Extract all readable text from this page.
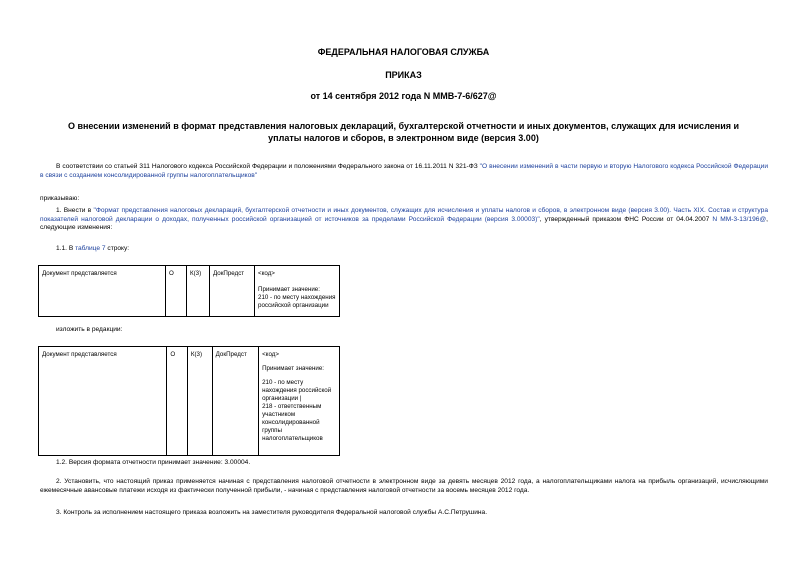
ФЕДЕРАЛЬНАЯ НАЛОГОВАЯ СЛУЖБА
ПРИКАЗ
от 14 сентября 2012 года N ММВ-7-6/627@
О внесении изменений в формат представления налоговых деклараций, бухгалтерской отчетности и иных документов, служащих для исчисления и уплаты налогов и сборов, в электронном виде (версия 3.00)
В соответствии со статьей 311 Налогового кодекса Российской Федерации и положениями Федерального закона от 16.11.2011 N 321-ФЗ "О внесении изменений в части первую и вторую Налогового кодекса Российской Федерации в связи с созданием консолидированной группы налогоплательщиков"
приказываю:
1. Внести в "Формат представления налоговых деклараций, бухгалтерской отчетности и иных документов, служащих для исчисления и уплаты налогов и сборов, в электронном виде (версия 3.00). Часть XIX. Состав и структура показателей налоговой декларации о доходах, полученных российской организацией от источников за пределами Российской Федерации (версия 3.00003)", утвержденный приказом ФНС России от 04.04.2007 N ММ-3-13/196@, следующие изменения:
1.1. В таблице 7 строку:
Документ представляется	О	К(3)	ДокПредст	<код>
Принимает значение:
210 - по месту нахождения российской организации
изложить в редакции:
Документ представляется	О	К(3)	ДокПредст	<код>
Принимает значение:
210 - по месту нахождения российской организации |
218 - ответственным участником консолидированной группы налогоплательщиков
1.2. Версия формата отчетности принимает значение: 3.00004.
2. Установить, что настоящий приказ применяется начиная с представления налоговой отчетности в электронном виде за девять месяцев 2012 года, а налогоплательщиками налога на прибыль организаций, исчисляющими ежемесячные авансовые платежи исходя из фактически полученной прибыли, - начиная с представления налоговой отчетности за восемь месяцев 2012 года.
3. Контроль за исполнением настоящего приказа возложить на заместителя руководителя Федеральной налоговой службы А.С.Петрушина.
